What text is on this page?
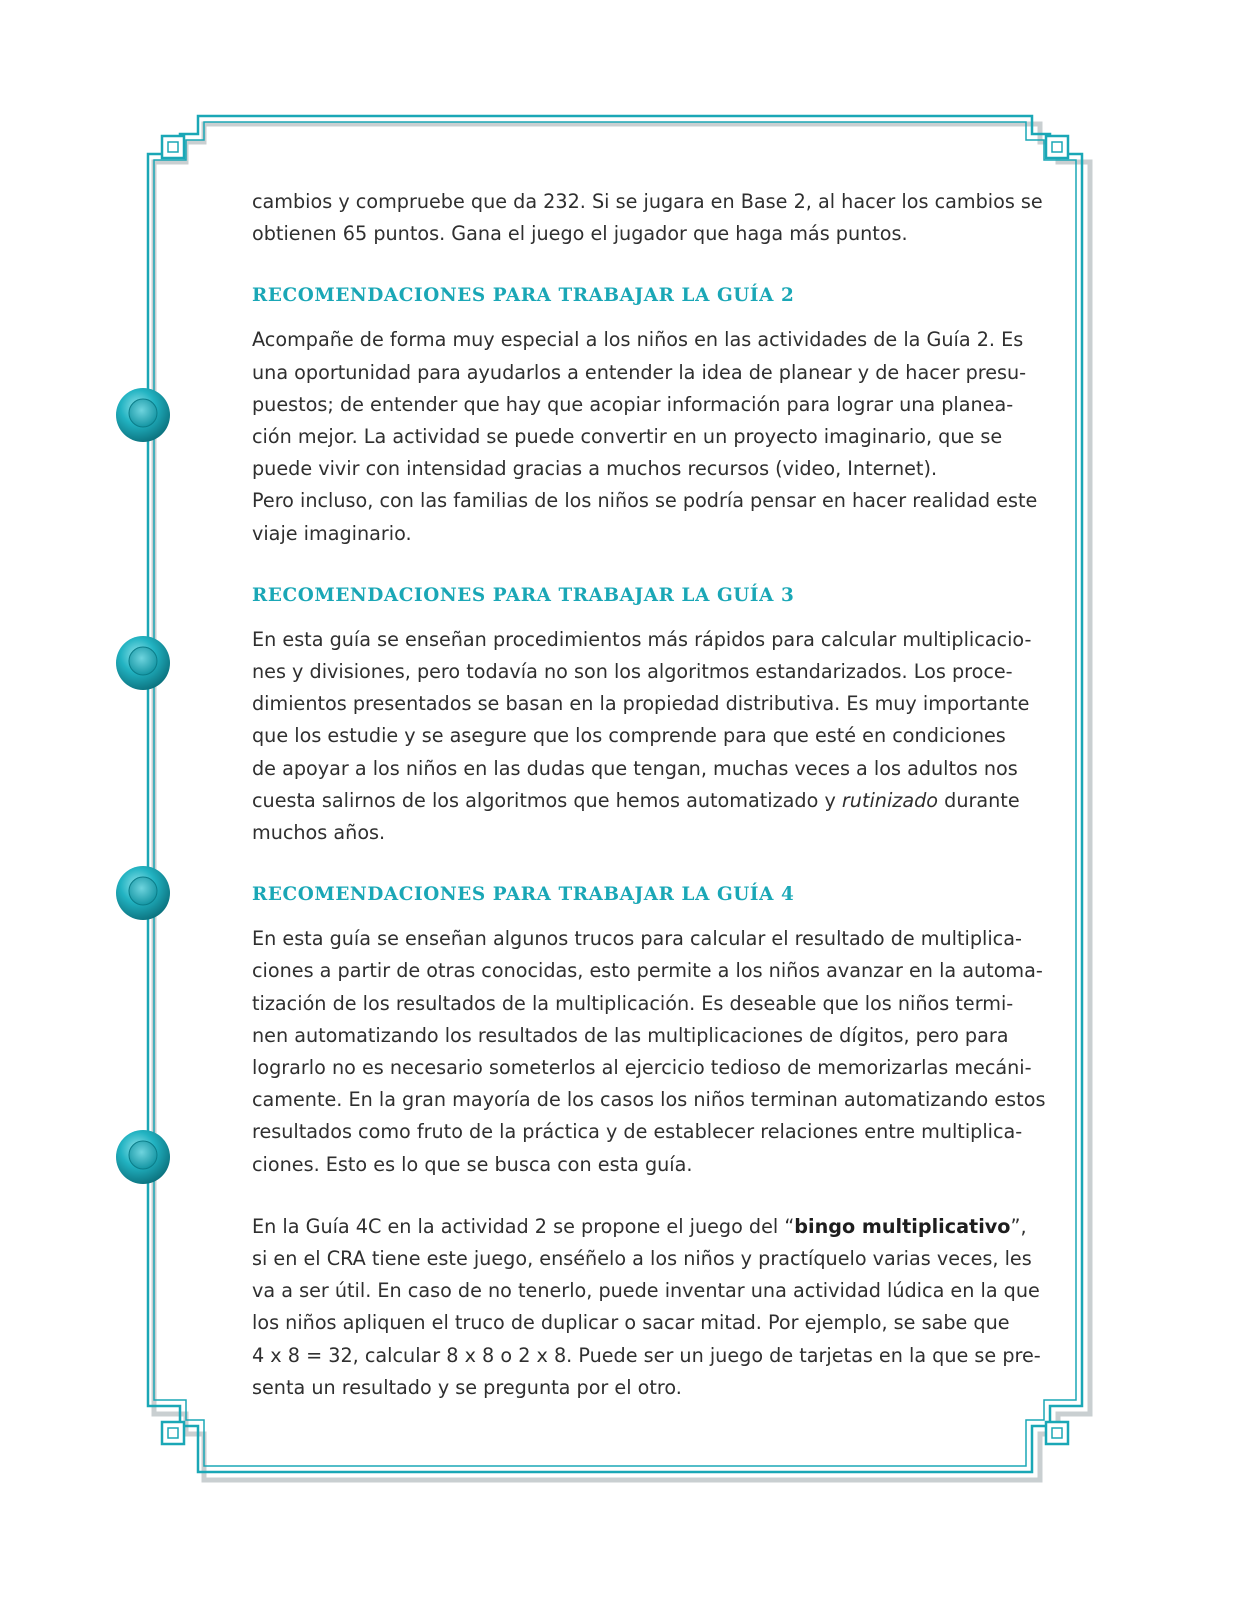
cambios y compruebe que da 232. Si se jugara en Base 2, al hacer los cambios se
obtienen 65 puntos. Gana el juego el jugador que haga más puntos.

RECOMENDACIONES PARA TRABAJAR LA GUÍA 2

Acompañe de forma muy especial a los niños en las actividades de la Guía 2. Es
una oportunidad para ayudarlos a entender la idea de planear y de hacer presu-
puestos; de entender que hay que acopiar información para lograr una planea-
ción mejor. La actividad se puede convertir en un proyecto imaginario, que se
puede vivir con intensidad gracias a muchos recursos (video, Internet).
Pero incluso, con las familias de los niños se podría pensar en hacer realidad este
viaje imaginario.

RECOMENDACIONES PARA TRABAJAR LA GUÍA 3

En esta guía se enseñan procedimientos más rápidos para calcular multiplicacio-
nes y divisiones, pero todavía no son los algoritmos estandarizados. Los proce-
dimientos presentados se basan en la propiedad distributiva. Es muy importante
que los estudie y se asegure que los comprende para que esté en condiciones
de apoyar a los niños en las dudas que tengan, muchas veces a los adultos nos
cuesta salirnos de los algoritmos que hemos automatizado y rutinizado durante
muchos años.

RECOMENDACIONES PARA TRABAJAR LA GUÍA 4

En esta guía se enseñan algunos trucos para calcular el resultado de multiplica-
ciones a partir de otras conocidas, esto permite a los niños avanzar en la automa-
tización de los resultados de la multiplicación. Es deseable que los niños termi-
nen automatizando los resultados de las multiplicaciones de dígitos, pero para
lograrlo no es necesario someterlos al ejercicio tedioso de memorizarlas mecáni-
camente. En la gran mayoría de los casos los niños terminan automatizando estos
resultados como fruto de la práctica y de establecer relaciones entre multiplica-
ciones. Esto es lo que se busca con esta guía.

En la Guía 4C en la actividad 2 se propone el juego del “bingo multiplicativo”,
si en el CRA tiene este juego, enséñelo a los niños y practíquelo varias veces, les
va a ser útil. En caso de no tenerlo, puede inventar una actividad lúdica en la que
los niños apliquen el truco de duplicar o sacar mitad. Por ejemplo, se sabe que
4 x 8 = 32, calcular 8 x 8 o 2 x 8. Puede ser un juego de tarjetas en la que se pre-
senta un resultado y se pregunta por el otro.
